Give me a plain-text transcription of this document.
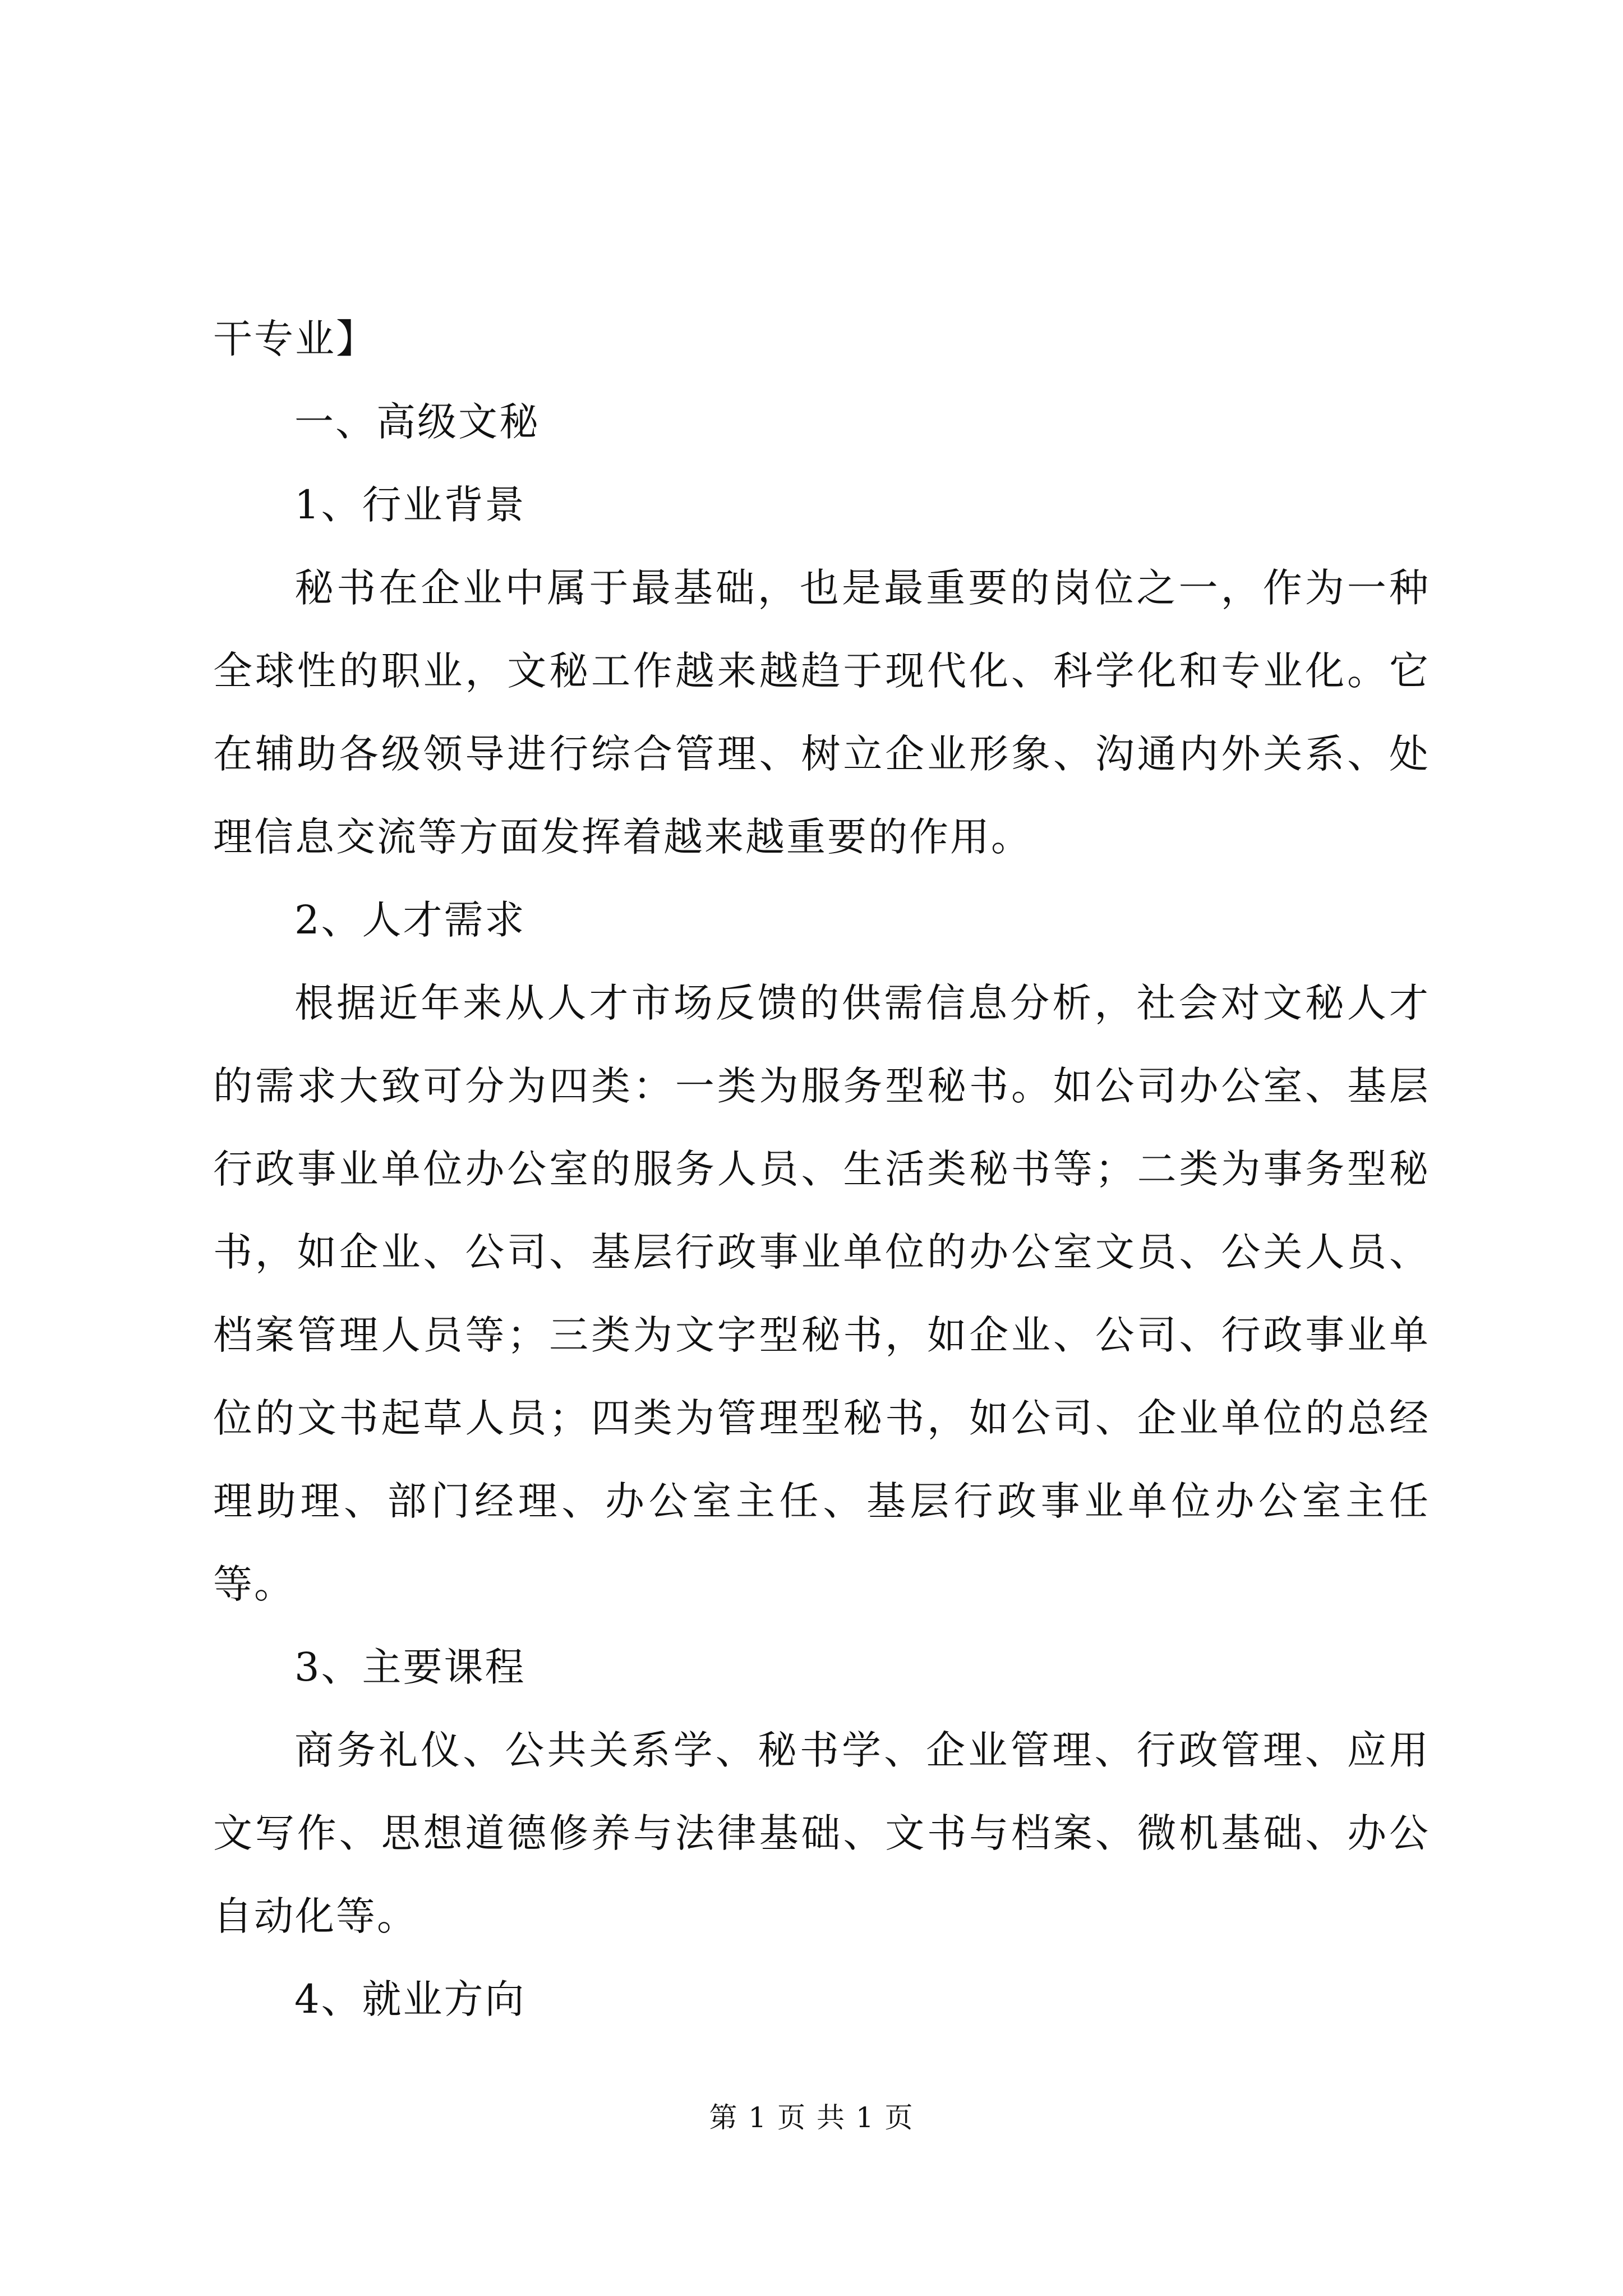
干专业】

一、高级文秘

1、行业背景

秘书在企业中属于最基础，也是最重要的岗位之一，作为一种全球性的职业，文秘工作越来越趋于现代化、科学化和专业化。它在辅助各级领导进行综合管理、树立企业形象、沟通内外关系、处理信息交流等方面发挥着越来越重要的作用。

2、人才需求

根据近年来从人才市场反馈的供需信息分析，社会对文秘人才的需求大致可分为四类：一类为服务型秘书。如公司办公室、基层行政事业单位办公室的服务人员、生活类秘书等；二类为事务型秘书，如企业、公司、基层行政事业单位的办公室文员、公关人员、档案管理人员等；三类为文字型秘书，如企业、公司、行政事业单位的文书起草人员；四类为管理型秘书，如公司、企业单位的总经理助理、部门经理、办公室主任、基层行政事业单位办公室主任等。

3、主要课程

商务礼仪、公共关系学、秘书学、企业管理、行政管理、应用文写作、思想道德修养与法律基础、文书与档案、微机基础、办公自动化等。

4、就业方向

第 1 页 共 1 页
